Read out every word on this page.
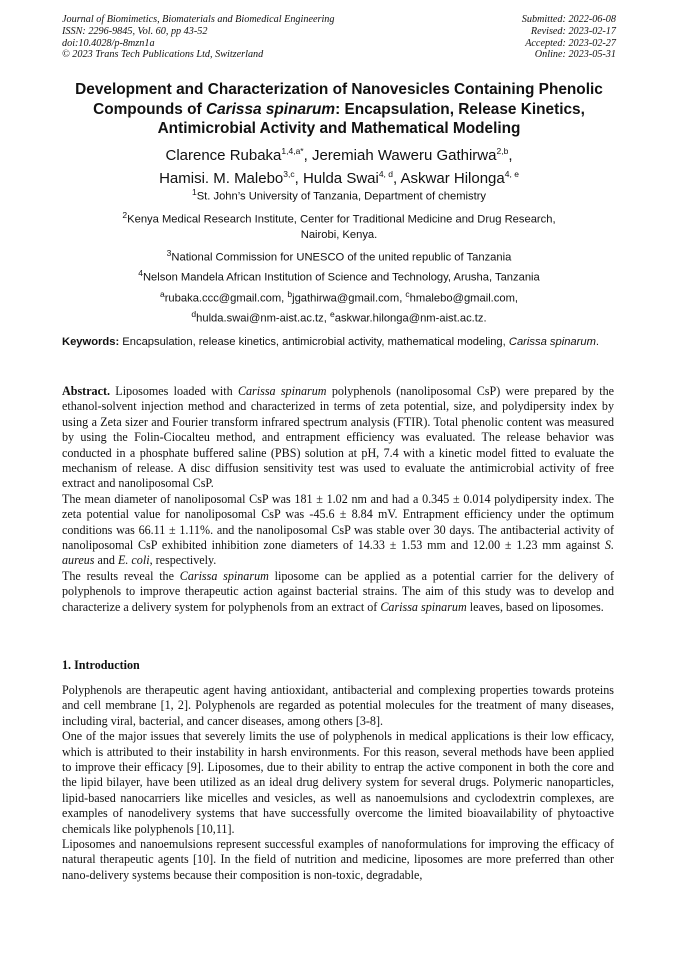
Journal of Biomimetics, Biomaterials and Biomedical Engineering
ISSN: 2296-9845, Vol. 60, pp 43-52
doi:10.4028/p-8mzn1a
© 2023 Trans Tech Publications Ltd, Switzerland
Submitted: 2022-06-08
Revised: 2023-02-17
Accepted: 2023-02-27
Online: 2023-05-31
Development and Characterization of Nanovesicles Containing Phenolic
Compounds of Carissa spinarum: Encapsulation, Release Kinetics,
Antimicrobial Activity and Mathematical Modeling
Clarence Rubaka$^{1,4,a*}$, Jeremiah Waweru Gathirwa$^{2,b}$,
Hamisi. M. Malebo$^{3,c}$, Hulda Swai$^{4, d}$, Askwar Hilonga$^{4, e}$
$^1$St. John’s University of Tanzania, Department of chemistry
$^2$Kenya Medical Research Institute, Center for Traditional Medicine and Drug Research,
Nairobi, Kenya.
$^3$National Commission for UNESCO of the united republic of Tanzania
$^4$Nelson Mandela African Institution of Science and Technology, Arusha, Tanzania
$^a$rubaka.ccc@gmail.com, $^b$jgathirwa@gmail.com, $^c$hmalebo@gmail.com,
$^d$hulda.swai@nm-aist.ac.tz, $^e$askwar.hilonga@nm-aist.ac.tz.
Keywords: Encapsulation, release kinetics, antimicrobial activity, mathematical modeling, Carissa spinarum.

Abstract. Liposomes loaded with Carissa spinarum polyphenols (nanoliposomal CsP) were prepared by the ethanol-solvent injection method and characterized in terms of zeta potential, size, and polydipersity index by using a Zeta sizer and Fourier transform infrared spectrum analysis (FTIR). Total phenolic content was measured by using the Folin-Ciocalteu method, and entrapment efficiency was evaluated. The release behavior was conducted in a phosphate buffered saline (PBS) solution at pH, 7.4 with a kinetic model fitted to evaluate the mechanism of release. A disc diffusion sensitivity test was used to evaluate the antimicrobial activity of free extract and nanoliposomal CsP.

The mean diameter of nanoliposomal CsP was 181 ± 1.02 nm and had a 0.345 ± 0.014 polydipersity index. The zeta potential value for nanoliposomal CsP was -45.6 ± 8.84 mV. Entrapment efficiency under the optimum conditions was 66.11 ± 1.11%. and the nanoliposomal CsP was stable over 30 days. The antibacterial activity of nanoliposomal CsP exhibited inhibition zone diameters of 14.33 ± 1.53 mm and 12.00 ± 1.23 mm against S. aureus and E. coli, respectively.

The results reveal the Carissa spinarum liposome can be applied as a potential carrier for the delivery of polyphenols to improve therapeutic action against bacterial strains. The aim of this study was to develop and characterize a delivery system for polyphenols from an extract of Carissa spinarum leaves, based on liposomes.

1. Introduction

Polyphenols are therapeutic agent having antioxidant, antibacterial and complexing properties towards proteins and cell membrane [1, 2]. Polyphenols are regarded as potential molecules for the treatment of many diseases, including viral, bacterial, and cancer diseases, among others [3-8].

One of the major issues that severely limits the use of polyphenols in medical applications is their low efficacy, which is attributed to their instability in harsh environments. For this reason, several methods have been applied to improve their efficacy [9]. Liposomes, due to their ability to entrap the active component in both the core and the lipid bilayer, have been utilized as an ideal drug delivery system for several drugs. Polymeric nanoparticles, lipid-based nanocarriers like micelles and vesicles, as well as nanoemulsions and cyclodextrin complexes, are examples of nanodelivery systems that have successfully overcome the limited bioavailability of phytoactive chemicals like polyphenols [10,11].

Liposomes and nanoemulsions represent successful examples of nanoformulations for improving the efficacy of natural therapeutic agents [10]. In the field of nutrition and medicine, liposomes are more preferred than other nano-delivery systems because their composition is non-toxic, degradable,
